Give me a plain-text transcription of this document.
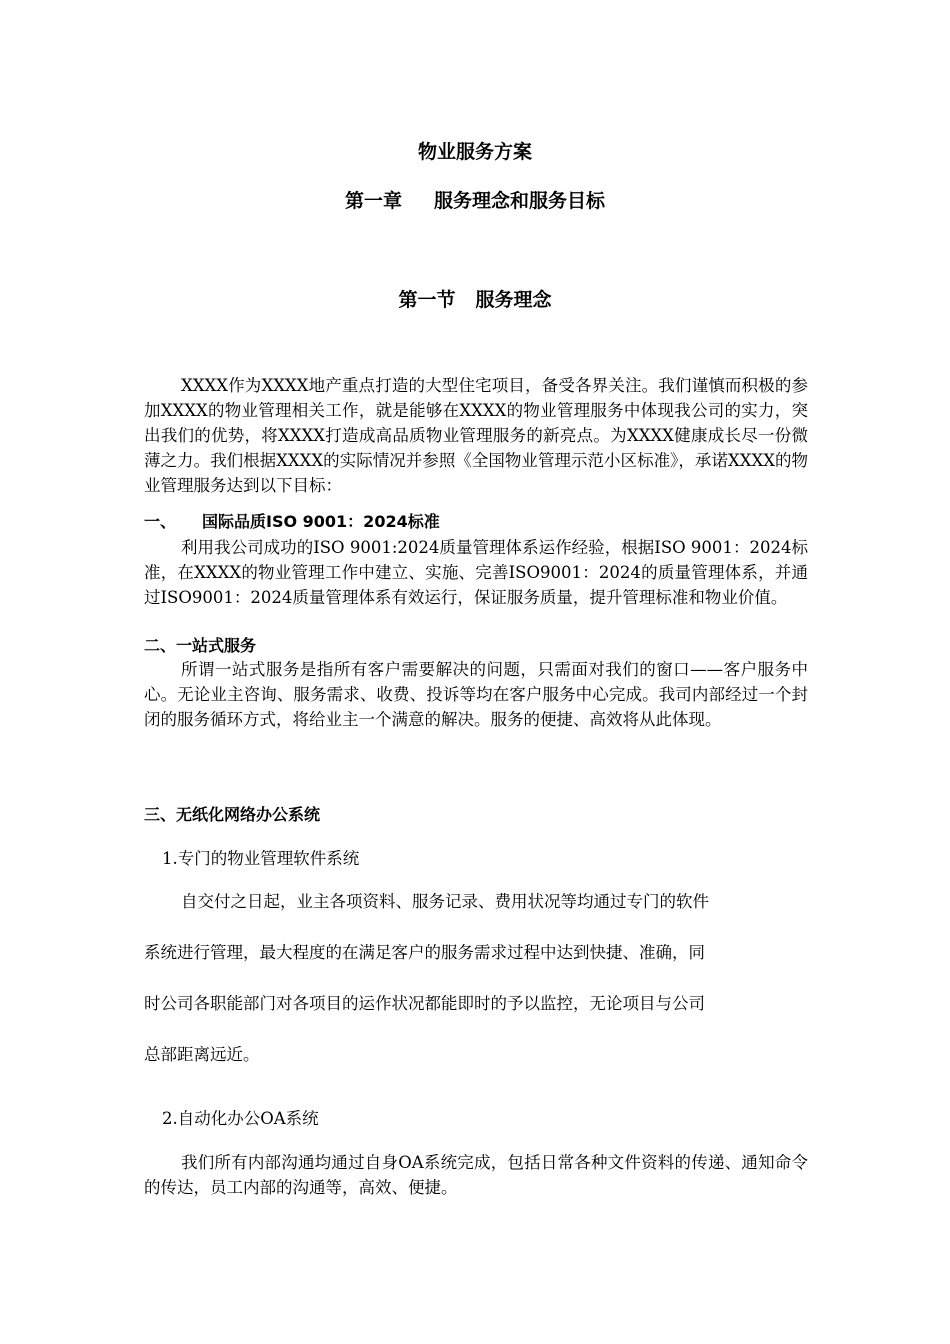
物业服务方案
第一章 服务理念和服务目标
第一节 服务理念
XXXX作为XXXX地产重点打造的大型住宅项目，备受各界关注。我们谨慎而积极的参加XXXX的物业管理相关工作，就是能够在XXXX的物业管理服务中体现我公司的实力，突出我们的优势，将XXXX打造成高品质物业管理服务的新亮点。为XXXX健康成长尽一份微薄之力。我们根据XXXX的实际情况并参照《全国物业管理示范小区标准》，承诺XXXX的物业管理服务达到以下目标：
一、 国际品质ISO 9001：2024标准
利用我公司成功的ISO 9001:2024质量管理体系运作经验，根据ISO 9001：2024标准，在XXXX的物业管理工作中建立、实施、完善ISO9001：2024的质量管理体系，并通过ISO9001：2024质量管理体系有效运行，保证服务质量，提升管理标准和物业价值。
二、一站式服务
所谓一站式服务是指所有客户需要解决的问题，只需面对我们的窗口——客户服务中心。无论业主咨询、服务需求、收费、投诉等均在客户服务中心完成。我司内部经过一个封闭的服务循环方式，将给业主一个满意的解决。服务的便捷、高效将从此体现。
三、无纸化网络办公系统
1.专门的物业管理软件系统
自交付之日起，业主各项资料、服务记录、费用状况等均通过专门的软件
系统进行管理，最大程度的在满足客户的服务需求过程中达到快捷、准确，同
时公司各职能部门对各项目的运作状况都能即时的予以监控，无论项目与公司
总部距离远近。
2.自动化办公OA系统
我们所有内部沟通均通过自身OA系统完成，包括日常各种文件资料的传递、通知命令的传达，员工内部的沟通等，高效、便捷。
